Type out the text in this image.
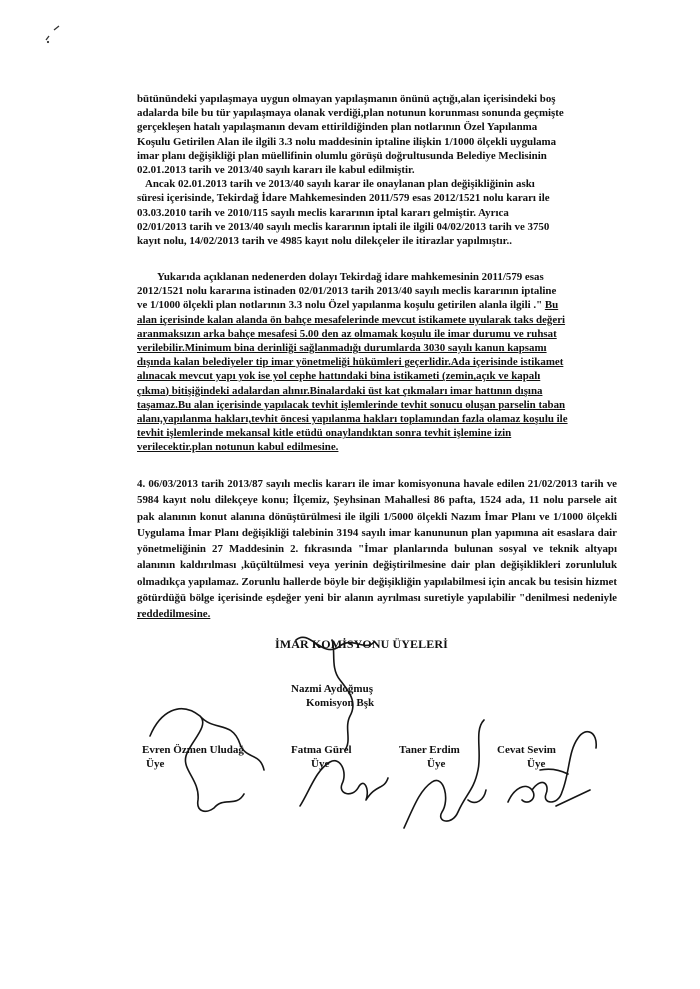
bütünündeki yapılaşmaya uygun olmayan yapılaşmanın önünü açtığı,alan içerisindeki boş
adalarda bile bu tür yapılaşmaya olanak verdiği,plan notunun korunması sonunda geçmişte
gerçekleşen hatalı yapılaşmanın devam ettirildiğinden plan notlarının Özel Yapılanma
Koşulu Getirilen Alan ile ilgili 3.3 nolu maddesinin iptaline ilişkin 1/1000 ölçekli uygulama
imar planı değişikliği plan müellifinin olumlu görüşü doğrultusunda Belediye Meclisinin
02.01.2013 tarih ve 2013/40 sayılı kararı ile kabul edilmiştir.
Ancak 02.01.2013 tarih ve 2013/40 sayılı karar ile onaylanan plan değişikliğinin askı
süresi içerisinde, Tekirdağ İdare Mahkemesinden 2011/579 esas 2012/1521 nolu kararı ile
03.03.2010 tarih ve 2010/115 sayılı meclis kararının iptal kararı gelmiştir. Ayrıca
02/01/2013 tarih ve 2013/40 sayılı meclis kararının iptali ile ilgili 04/02/2013 tarih ve 3750
kayıt nolu, 14/02/2013 tarih ve 4985 kayıt nolu dilekçeler ile itirazlar yapılmıştır..
Yukarıda açıklanan nedenerden dolayı Tekirdağ idare mahkemesinin 2011/579 esas
2012/1521 nolu kararına istinaden 02/01/2013 tarih 2013/40 sayılı meclis kararının iptaline
ve 1/1000 ölçekli plan notlarının 3.3 nolu Özel yapılanma koşulu getirilen alanla ilgili ." Bu
alan içerisinde kalan alanda ön bahçe mesafelerinde mevcut istikamete uyularak taks değeri
aranmaksızın arka bahçe mesafesi 5.00 den az olmamak koşulu ile imar durumu ve ruhsat
verilebilir.Minimum bina derinliği sağlanmadığı durumlarda 3030 sayılı kanun kapsamı
dışında kalan belediyeler tip imar yönetmeliği hükümleri geçerlidir.Ada içerisinde istikamet
alınacak mevcut yapı yok ise yol cephe hattındaki bina istikameti (zemin,açık ve kapalı
çıkma) bitişiğindeki adalardan alınır.Binalardaki üst kat çıkmaları imar hattının dışına
taşamaz.Bu alan içerisinde yapılacak tevhit işlemlerinde tevhit sonucu oluşan parselin taban
alanı,yapılanma hakları,tevhit öncesi yapılanma hakları toplamından fazla olamaz koşulu ile
tevhit işlemlerinde mekansal kitle etüdü onaylandıktan sonra tevhit işlemine izin
verilecektir.plan notunun kabul edilmesine.
4. 06/03/2013 tarih 2013/87 sayılı meclis kararı ile imar komisyonuna havale edilen 21/02/2013 tarih ve 5984 kayıt nolu dilekçeye konu; İlçemiz, Şeyhsinan Mahallesi 86 pafta, 1524 ada, 11 nolu parsele ait pak alanının konut alanına dönüştürülmesi ile ilgili 1/5000 ölçekli Nazım İmar Planı ve 1/1000 ölçekli Uygulama İmar Planı değişikliği talebinin 3194 sayılı imar kanununun plan yapımına ait esaslara dair yönetmeliğinin 27 Maddesinin 2. fıkrasında "İmar planlarında bulunan sosyal ve teknik altyapı alanının kaldırılması ,küçültülmesi veya yerinin değiştirilmesine dair plan değişiklikleri zorunluluk olmadıkça yapılamaz. Zorunlu hallerde böyle bir değişikliğin yapılabilmesi için ancak bu tesisin hizmet götürdüğü bölge içerisinde eşdeğer yeni bir alanın ayrılması suretiyle yapılabilir "denilmesi nedeniyle reddedilmesine.
İMAR KOMİSYONU ÜYELERİ
Nazmi Aydoğmuş
Komisyon Bşk
Evren Özmen Uludağ
Üye
Fatma Gürel
Üye
Taner Erdim
Üye
Cevat Sevim
Üye
